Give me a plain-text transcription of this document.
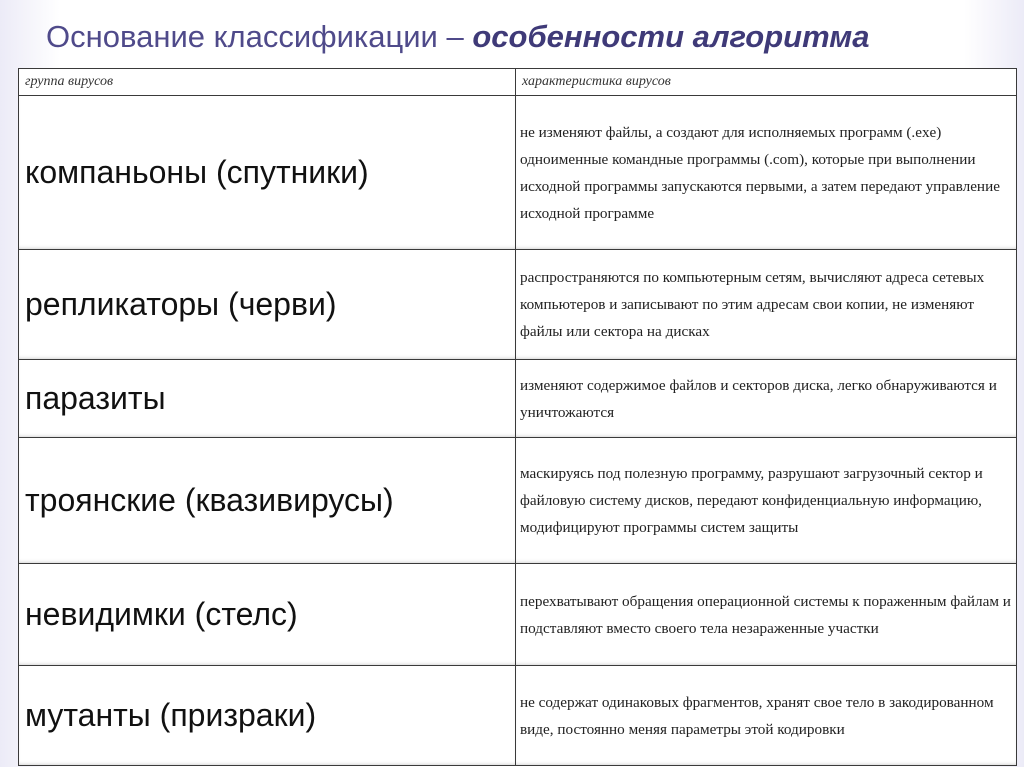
Основание классификации – особенности алгоритма
группа вирусов	характеристика вирусов
компаньоны (спутники)	не изменяют файлы, а создают для исполняемых программ (.exe) одноименные командные программы (.com), которые при выполнении исходной программы запускаются первыми, а затем передают управление исходной программе
репликаторы (черви)	распространяются по компьютерным сетям, вычисляют адреса сетевых компьютеров и записывают по этим адресам свои копии, не изменяют файлы или сектора на дисках
паразиты	изменяют содержимое файлов и секторов диска, легко обнаруживаются и уничтожаются
троянские (квазивирусы)	маскируясь под полезную программу, разрушают загрузочный сектор и файловую систему дисков, передают конфиденциальную информацию, модифицируют программы систем защиты
невидимки (стелс)	перехватывают обращения операционной системы к пораженным файлам и подставляют вместо своего тела незараженные участки
мутанты (призраки)	не содержат одинаковых фрагментов, хранят свое тело в закодированном виде, постоянно меняя параметры этой кодировки
